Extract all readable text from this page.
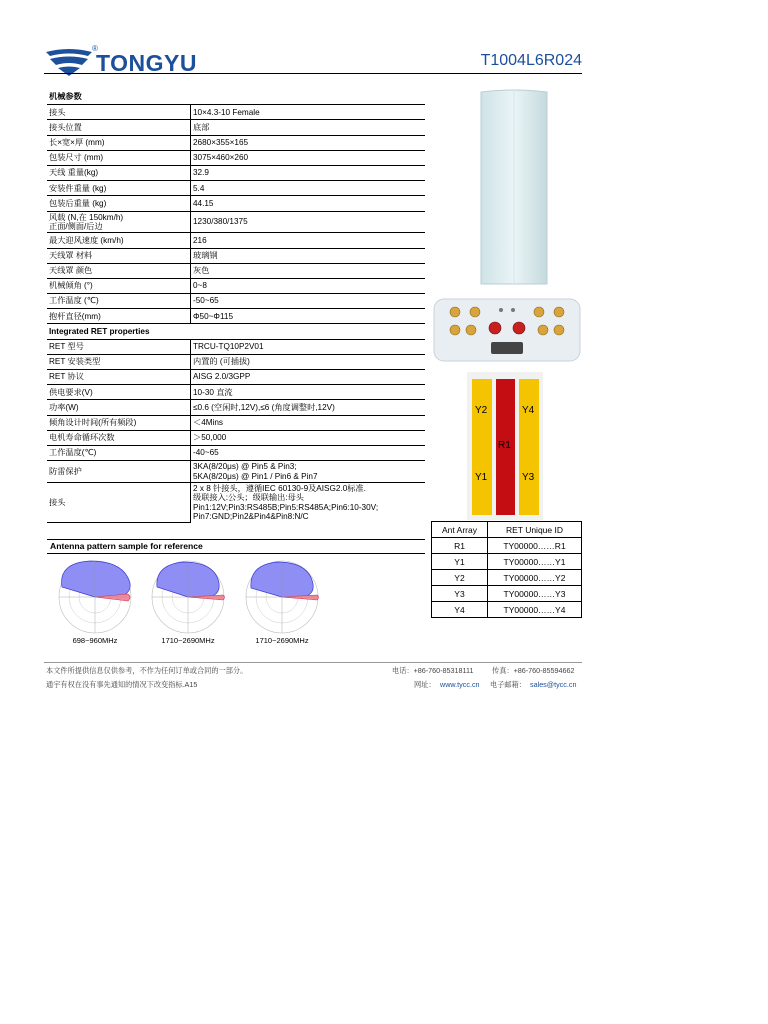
®
TONGYU	T1004L6R024
机械参数	
接头	10×4.3-10 Female
接头位置	底部
长×宽×厚 (mm)	2680×355×165
包装尺寸 (mm)	3075×460×260
天线 重量(kg)	32.9
安装件重量 (kg)	5.4
包装后重量 (kg)	44.15

风载 (N,在 150km/h)
正面/侧面/后边	1230/380/1375
最大迎风速度 (km/h)	216
天线罩 材料	玻璃钢
天线罩 颜色	灰色
机械倾角 (°)	0~8
工作温度 (℃)	-50~65
抱杆直径(mm)	Φ50~Φ115
Integrated RET properties	
RET 型号	TRCU-TQ10P2V01
RET 安装类型	内置的 (可插拔)
RET 协议	AISG 2.0/3GPP
供电要求(V)	10-30 直流
功率(W)	≤0.6 (空闲时,12V),≤6 (角度调整时,12V)
倾角设计时间(所有频段)	＜4Mins
电机寿命循环次数	＞50,000
工作温度(℃)	-40~65
防雷保护	3KA(8/20μs) @ Pin5 & Pin3;
5KA(8/20μs) @ Pin1 / Pin6 & Pin7

接头	2 x 8 针接头，遵循IEC 60130-9及AISG2.0标准.
级联接入:公头；级联输出:母头
Pin1:12V;Pin3:RS485B;Pin5:RS485A;Pin6:10-30V;
Pin7:GND;Pin2&Pin4&Pin8:N/C
Antenna pattern sample for reference
698~960MHz	1710~2690MHz	1710~2690MHz
Y2	Y4
R1
Y1	Y3
Ant Array	RET Unique ID
R1	TY00000……R1
Y1	TY00000……Y1
Y2	TY00000……Y2
Y3	TY00000……Y3
Y4	TY00000……Y4
本文件所提供信息仅供参考，不作为任何订单或合同的一部分。
通宇有权在没有事先通知的情况下改变指标.A15
电话：+86-760-85318111	传真：+86-760-85594662
网址： www.tycc.cn 电子邮箱： sales@tycc.cn
